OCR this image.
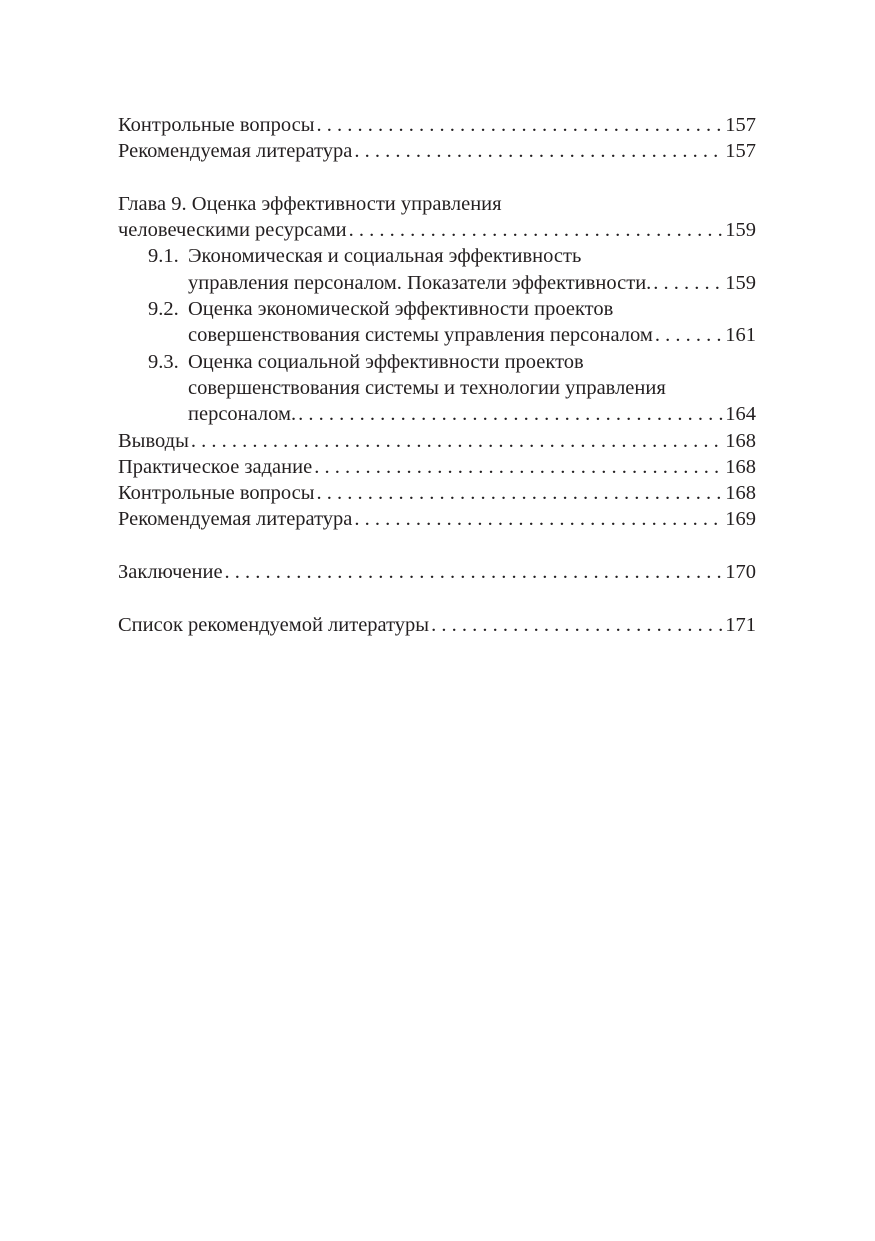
Контрольные вопросы . . .	157
Рекомендуемая литература . . .	157
Глава 9. Оценка эффективности управления
человеческими ресурсами . . .	159
9.1. Экономическая и социальная эффективность
управления персоналом. Показатели эффективности. . . .	159
9.2. Оценка экономической эффективности проектов
совершенствования системы управления персоналом . . .	161
9.3. Оценка социальной эффективности проектов
совершенствования системы и технологии управления
персоналом. . . .	164
Выводы . . .	168
Практическое задание . . .	168
Контрольные вопросы . . .	168
Рекомендуемая литература . . .	169
Заключение . . .	170
Список рекомендуемой литературы . . .	171
